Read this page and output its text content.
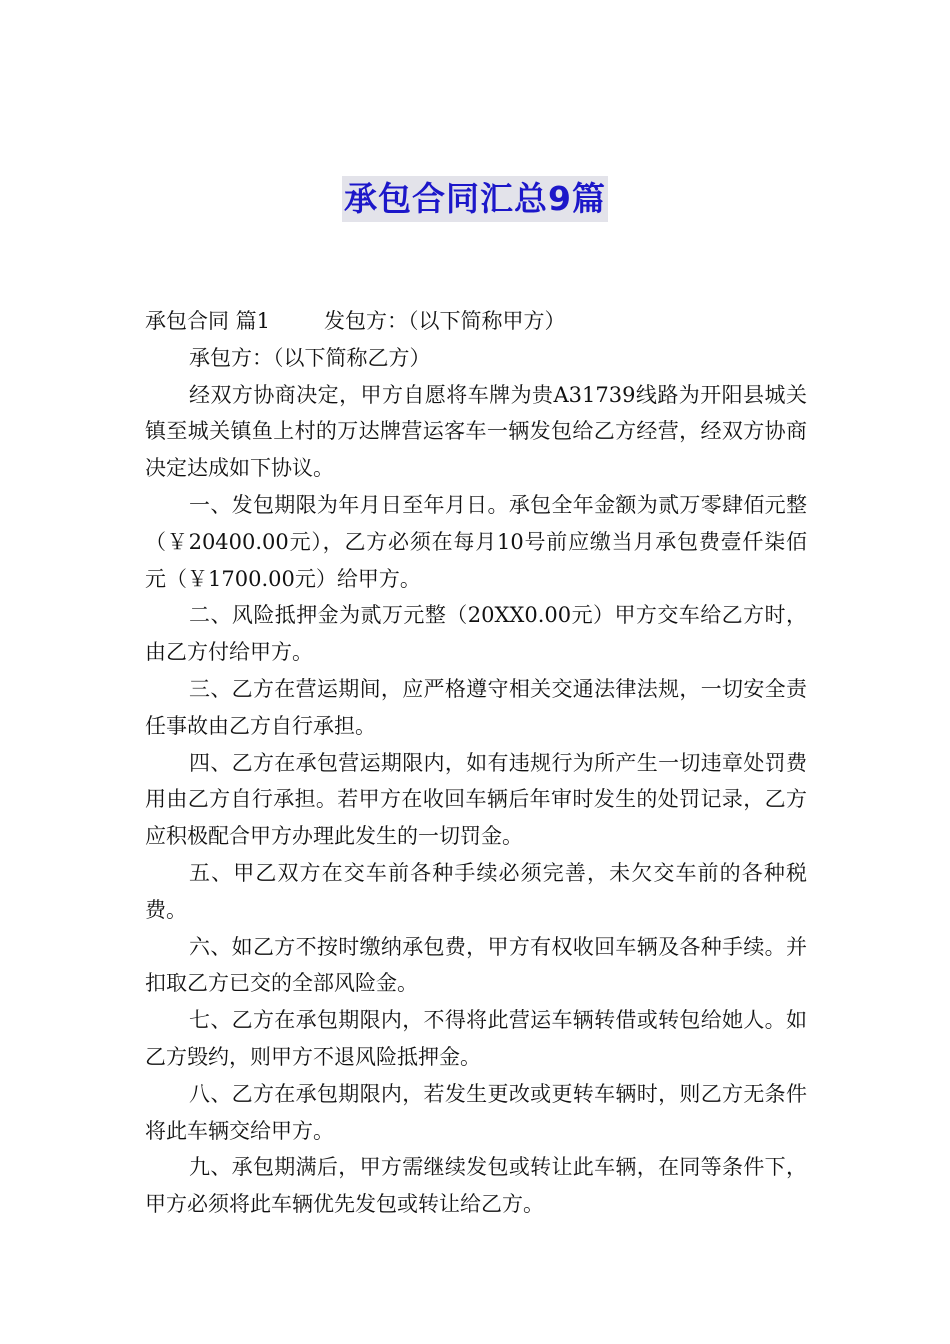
承包合同汇总9篇

承包合同 篇1	发包方：（以下简称甲方）

承包方：（以下简称乙方）

经双方协商决定，甲方自愿将车牌为贵A31739线路为开阳县城关镇至城关镇鱼上村的万达牌营运客车一辆发包给乙方经营，经双方协商决定达成如下协议。

一、发包期限为年月日至年月日。承包全年金额为贰万零肆佰元整（￥20400.00元），乙方必须在每月10号前应缴当月承包费壹仟柒佰元（￥1700.00元）给甲方。

二、风险抵押金为贰万元整（20XX0.00元）甲方交车给乙方时，由乙方付给甲方。

三、乙方在营运期间，应严格遵守相关交通法律法规，一切安全责任事故由乙方自行承担。

四、乙方在承包营运期限内，如有违规行为所产生一切违章处罚费用由乙方自行承担。若甲方在收回车辆后年审时发生的处罚记录，乙方应积极配合甲方办理此发生的一切罚金。

五、甲乙双方在交车前各种手续必须完善，未欠交车前的各种税费。

六、如乙方不按时缴纳承包费，甲方有权收回车辆及各种手续。并扣取乙方已交的全部风险金。

七、乙方在承包期限内，不得将此营运车辆转借或转包给她人。如乙方毁约，则甲方不退风险抵押金。

八、乙方在承包期限内，若发生更改或更转车辆时，则乙方无条件将此车辆交给甲方。

九、承包期满后，甲方需继续发包或转让此车辆，在同等条件下，甲方必须将此车辆优先发包或转让给乙方。
